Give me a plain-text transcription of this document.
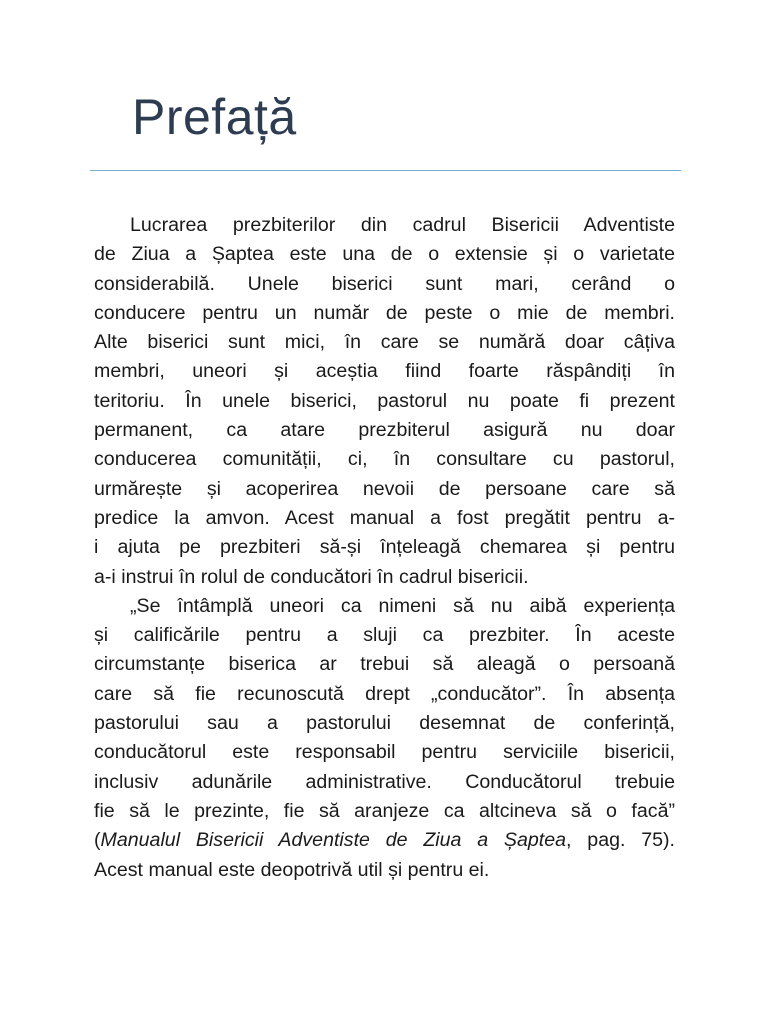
Prefață
Lucrarea prezbiterilor din cadrul Bisericii Adventiste
de Ziua a Șaptea este una de o extensie și o varietate
considerabilă. Unele biserici sunt mari, cerând o
conducere pentru un număr de peste o mie de membri.
Alte biserici sunt mici, în care se numără doar câțiva
membri, uneori și aceștia fiind foarte răspândiți în
teritoriu. În unele biserici, pastorul nu poate fi prezent
permanent, ca atare prezbiterul asigură nu doar
conducerea comunității, ci, în consultare cu pastorul,
urmărește și acoperirea nevoii de persoane care să
predice la amvon. Acest manual a fost pregătit pentru a-
i ajuta pe prezbiteri să-și înțeleagă chemarea și pentru
a-i instrui în rolul de conducători în cadrul bisericii.
„Se întâmplă uneori ca nimeni să nu aibă experiența
și calificările pentru a sluji ca prezbiter. În aceste
circumstanțe biserica ar trebui să aleagă o persoană
care să fie recunoscută drept „conducător”. În absența
pastorului sau a pastorului desemnat de conferință,
conducătorul este responsabil pentru serviciile bisericii,
inclusiv adunările administrative. Conducătorul trebuie
fie să le prezinte, fie să aranjeze ca altcineva să o facă”
(Manualul Bisericii Adventiste de Ziua a Șaptea, pag. 75).
Acest manual este deopotrivă util și pentru ei.
